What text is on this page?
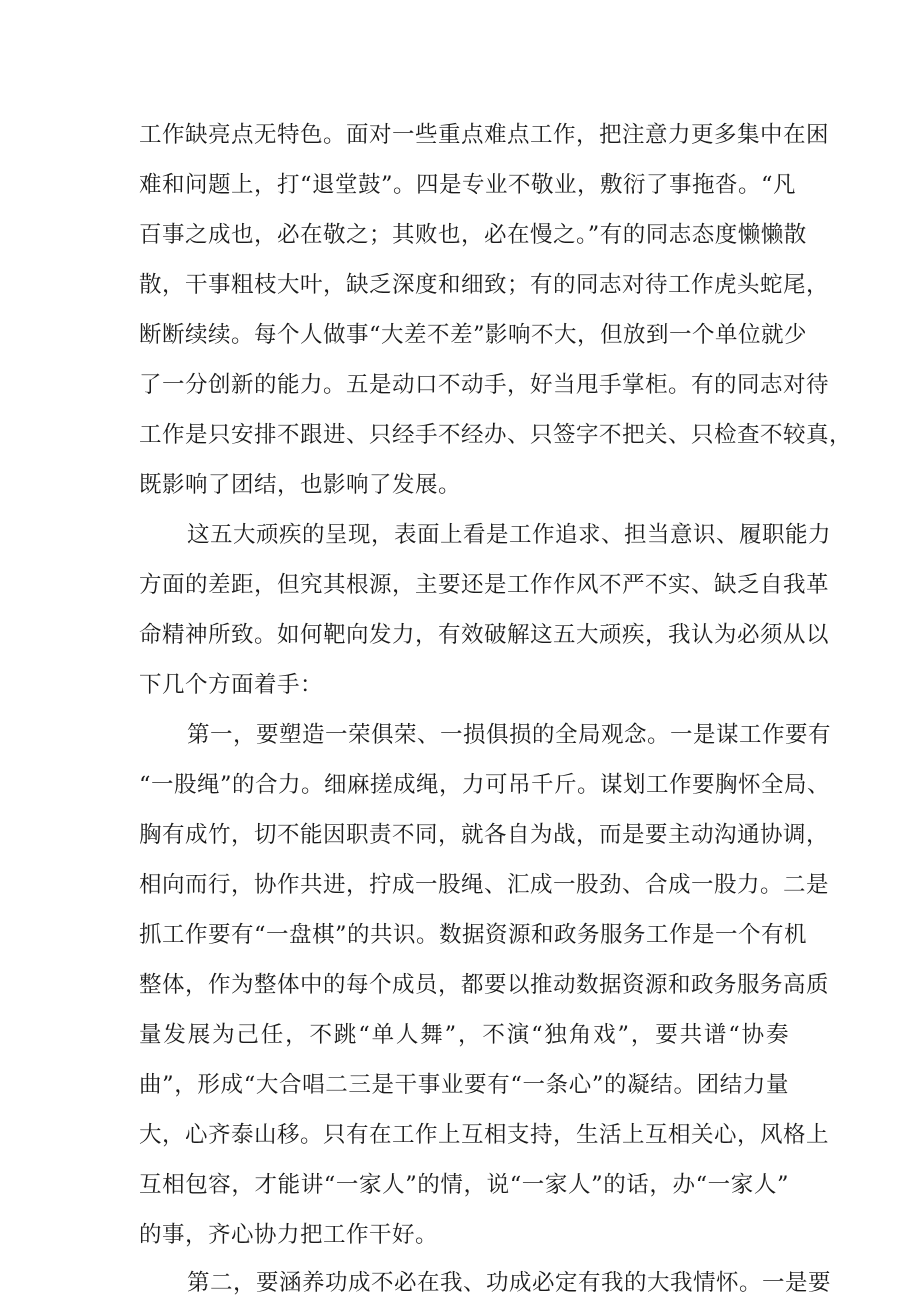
工作缺亮点无特色。面对一些重点难点工作，把注意力更多集中在困
难和问题上，打“退堂鼓”。四是专业不敬业，敷衍了事拖沓。“凡
百事之成也，必在敬之；其败也，必在慢之。”有的同志态度懒懒散
散，干事粗枝大叶，缺乏深度和细致；有的同志对待工作虎头蛇尾，
断断续续。每个人做事“大差不差”影响不大，但放到一个单位就少
了一分创新的能力。五是动口不动手，好当甩手掌柜。有的同志对待
工作是只安排不跟进、只经手不经办、只签字不把关、只检查不较真，
既影响了团结，也影响了发展。
这五大顽疾的呈现，表面上看是工作追求、担当意识、履职能力
方面的差距，但究其根源，主要还是工作作风不严不实、缺乏自我革
命精神所致。如何靶向发力，有效破解这五大顽疾，我认为必须从以
下几个方面着手：
第一，要塑造一荣俱荣、一损俱损的全局观念。一是谋工作要有
“一股绳”的合力。细麻搓成绳，力可吊千斤。谋划工作要胸怀全局、
胸有成竹，切不能因职责不同，就各自为战，而是要主动沟通协调，
相向而行，协作共进，拧成一股绳、汇成一股劲、合成一股力。二是
抓工作要有“一盘棋”的共识。数据资源和政务服务工作是一个有机
整体，作为整体中的每个成员，都要以推动数据资源和政务服务高质
量发展为己任，不跳“单人舞”，不演“独角戏”，要共谱“协奏
曲”，形成“大合唱二三是干事业要有“一条心”的凝结。团结力量
大，心齐泰山移。只有在工作上互相支持，生活上互相关心，风格上
互相包容，才能讲“一家人”的情，说“一家人”的话，办“一家人”
的事，齐心协力把工作干好。
第二，要涵养功成不必在我、功成必定有我的大我情怀。一是要
